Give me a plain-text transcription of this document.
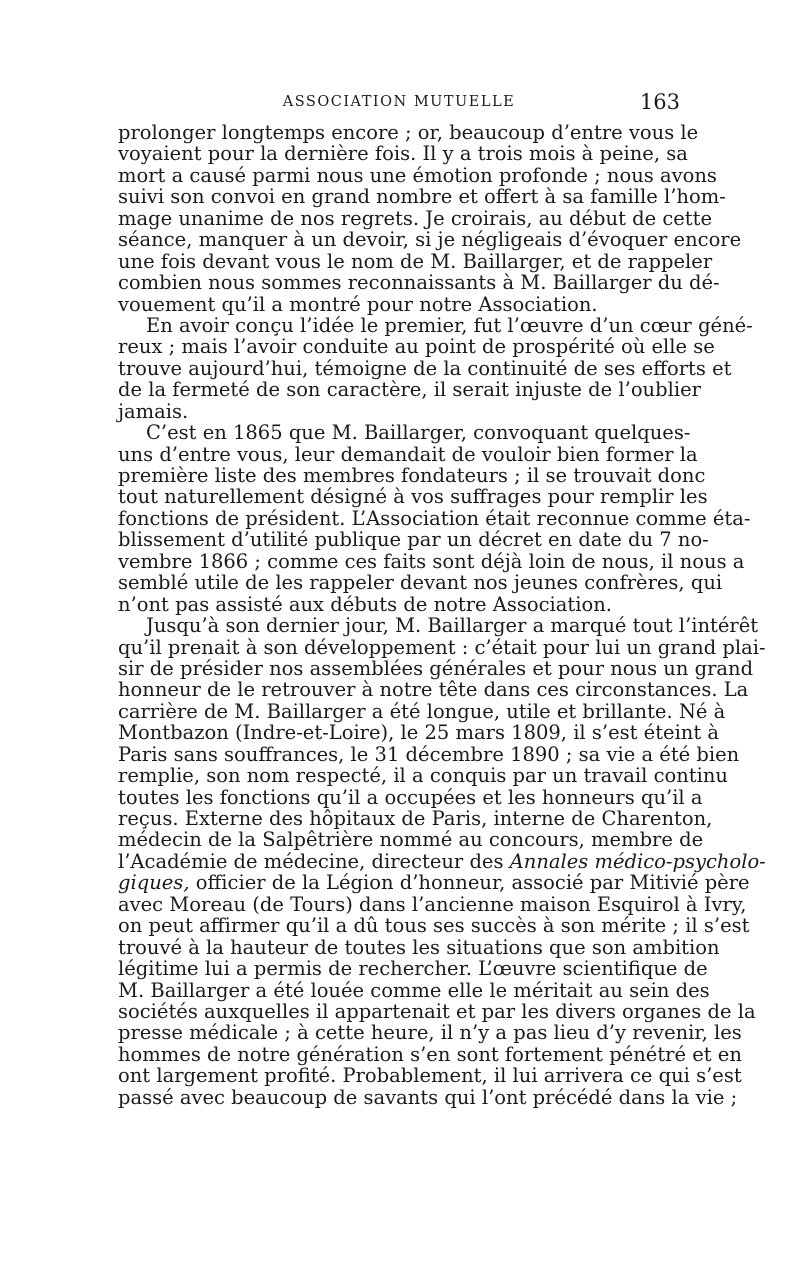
ASSOCIATION MUTUELLE	163
prolonger longtemps encore ; or, beaucoup d’entre vous le
voyaient pour la dernière fois. Il y a trois mois à peine, sa
mort a causé parmi nous une émotion profonde ; nous avons
suivi son convoi en grand nombre et offert à sa famille l’hom-
mage unanime de nos regrets. Je croirais, au début de cette
séance, manquer à un devoir, si je négligeais d’évoquer encore
une fois devant vous le nom de M. Baillarger, et de rappeler
combien nous sommes reconnaissants à M. Baillarger du dé-
vouement qu’il a montré pour notre Association.
En avoir conçu l’idée le premier, fut l’œuvre d’un cœur géné-
reux ; mais l’avoir conduite au point de prospérité où elle se
trouve aujourd’hui, témoigne de la continuité de ses efforts et
de la fermeté de son caractère, il serait injuste de l’oublier
jamais.
C’est en 1865 que M. Baillarger, convoquant quelques-
uns d’entre vous, leur demandait de vouloir bien former la
première liste des membres fondateurs ; il se trouvait donc
tout naturellement désigné à vos suffrages pour remplir les
fonctions de président. L’Association était reconnue comme éta-
blissement d’utilité publique par un décret en date du 7 no-
vembre 1866 ; comme ces faits sont déjà loin de nous, il nous a
semblé utile de les rappeler devant nos jeunes confrères, qui
n’ont pas assisté aux débuts de notre Association.
Jusqu’à son dernier jour, M. Baillarger a marqué tout l’intérêt
qu’il prenait à son développement : c’était pour lui un grand plai-
sir de présider nos assemblées générales et pour nous un grand
honneur de le retrouver à notre tête dans ces circonstances. La
carrière de M. Baillarger a été longue, utile et brillante. Né à
Montbazon (Indre-et-Loire), le 25 mars 1809, il s’est éteint à
Paris sans souffrances, le 31 décembre 1890 ; sa vie a été bien
remplie, son nom respecté, il a conquis par un travail continu
toutes les fonctions qu’il a occupées et les honneurs qu’il a
reçus. Externe des hôpitaux de Paris, interne de Charenton,
médecin de la Salpêtrière nommé au concours, membre de
l’Académie de médecine, directeur des Annales médico-psycholo-
giques, officier de la Légion d’honneur, associé par Mitivié père
avec Moreau (de Tours) dans l’ancienne maison Esquirol à Ivry,
on peut affirmer qu’il a dû tous ses succès à son mérite ; il s’est
trouvé à la hauteur de toutes les situations que son ambition
légitime lui a permis de rechercher. L’œuvre scientifique de
M. Baillarger a été louée comme elle le méritait au sein des
sociétés auxquelles il appartenait et par les divers organes de la
presse médicale ; à cette heure, il n’y a pas lieu d’y revenir, les
hommes de notre génération s’en sont fortement pénétré et en
ont largement profité. Probablement, il lui arrivera ce qui s’est
passé avec beaucoup de savants qui l’ont précédé dans la vie ;
